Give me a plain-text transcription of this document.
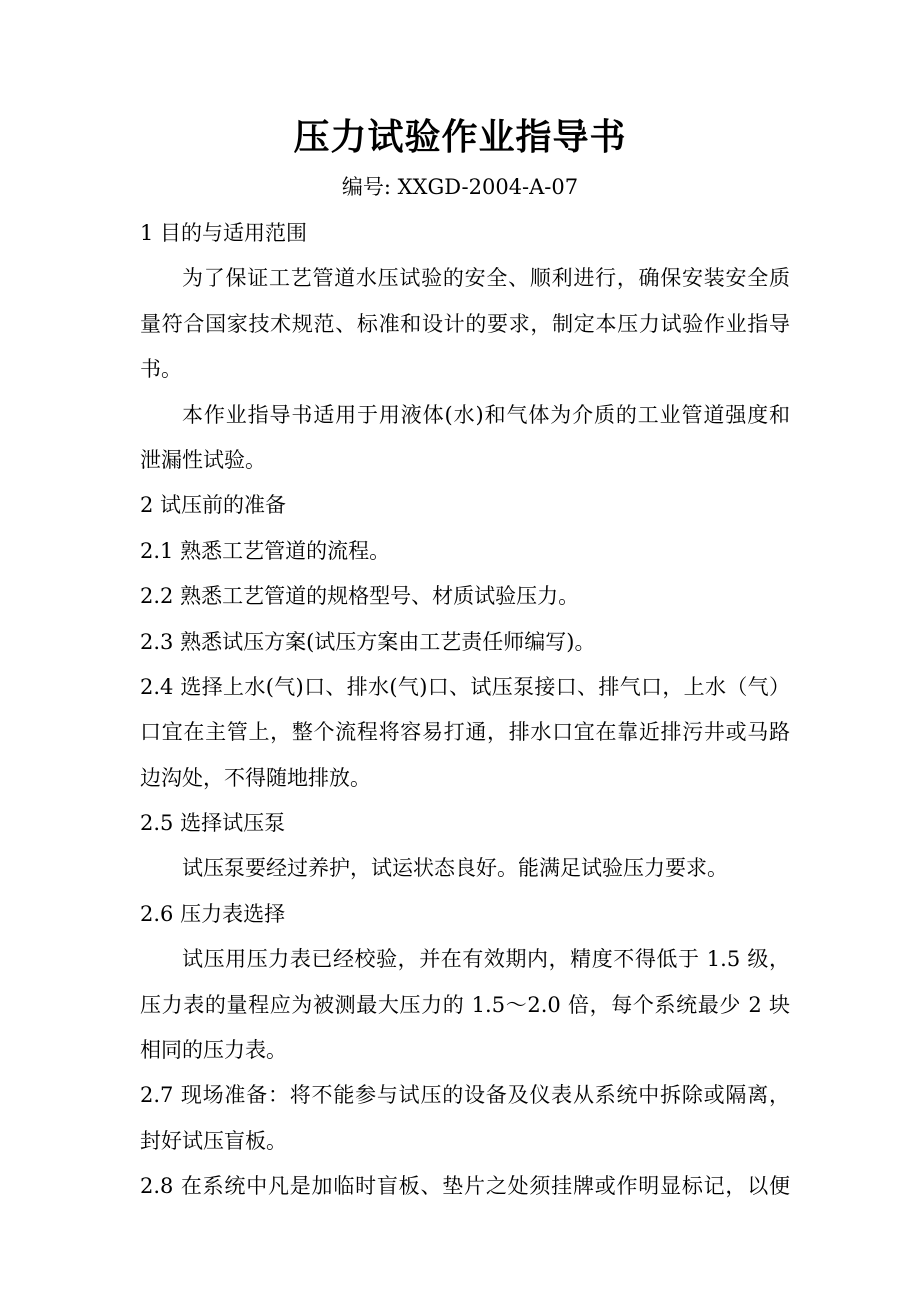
压力试验作业指导书
编号: XXGD-2004-A-07
1 目的与适用范围
为了保证工艺管道水压试验的安全、顺利进行，确保安装安全质
量符合国家技术规范、标准和设计的要求，制定本压力试验作业指导
书。
本作业指导书适用于用液体(水)和气体为介质的工业管道强度和
泄漏性试验。
2 试压前的准备
2.1 熟悉工艺管道的流程。
2.2 熟悉工艺管道的规格型号、材质试验压力。
2.3 熟悉试压方案(试压方案由工艺责任师编写)。
2.4 选择上水(气)口、排水(气)口、试压泵接口、排气口，上水（气）
口宜在主管上，整个流程将容易打通，排水口宜在靠近排污井或马路
边沟处，不得随地排放。
2.5 选择试压泵
试压泵要经过养护，试运状态良好。能满足试验压力要求。
2.6 压力表选择
试压用压力表已经校验，并在有效期内，精度不得低于 1.5 级，
压力表的量程应为被测最大压力的 1.5～2.0 倍，每个系统最少 2 块
相同的压力表。
2.7 现场准备：将不能参与试压的设备及仪表从系统中拆除或隔离，
封好试压盲板。
2.8 在系统中凡是加临时盲板、垫片之处须挂牌或作明显标记，以便
